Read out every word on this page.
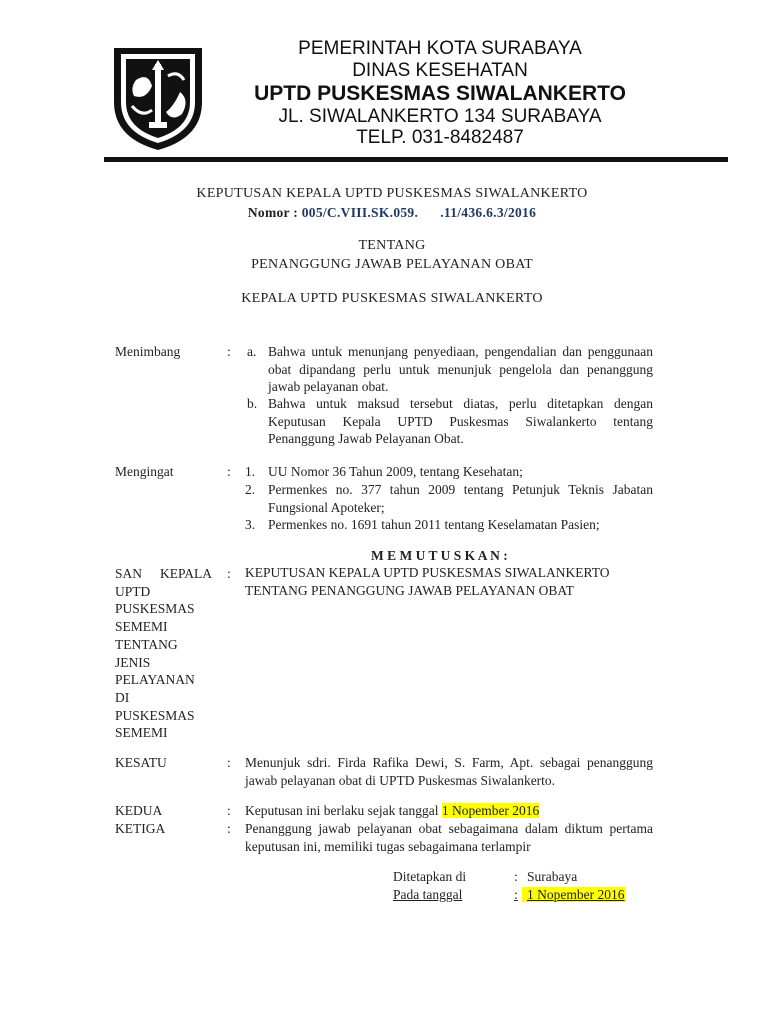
PEMERINTAH KOTA SURABAYA
DINAS KESEHATAN
UPTD PUSKESMAS SIWALANKERTO
JL. SIWALANKERTO 134 SURABAYA
TELP. 031-8482487
KEPUTUSAN KEPALA UPTD PUSKESMAS SIWALANKERTO
Nomor : 005/C.VIII.SK.059. .11/436.6.3/2016
TENTANG
PENANGGUNG JAWAB PELAYANAN OBAT
KEPALA UPTD PUSKESMAS SIWALANKERTO
Menimbang	: a. Bahwa untuk menunjang penyediaan, pengendalian dan penggunaan obat dipandang perlu untuk menunjuk pengelola dan penanggung jawab pelayanan obat.
b. Bahwa untuk maksud tersebut diatas, perlu ditetapkan dengan Keputusan Kepala UPTD Puskesmas Siwalankerto tentang Penanggung Jawab Pelayanan Obat.
Mengingat	: 1. UU Nomor 36 Tahun 2009, tentang Kesehatan;
2. Permenkes no. 377 tahun 2009 tentang Petunjuk Teknis Jabatan Fungsional Apoteker;
3. Permenkes no. 1691 tahun 2011 tentang Keselamatan Pasien;
M E M U T U S K A N :
SAN KEPALA
UPTD
PUSKESMAS
SEMEMI
TENTANG
JENIS
PELAYANAN
DI
PUSKESMAS
SEMEMI
: KEPUTUSAN KEPALA UPTD PUSKESMAS SIWALANKERTO
TENTANG PENANGGUNG JAWAB PELAYANAN OBAT
KESATU	: Menunjuk sdri. Firda Rafika Dewi, S. Farm, Apt. sebagai penanggung jawab pelayanan obat di UPTD Puskesmas Siwalankerto.
KEDUA	: Keputusan ini berlaku sejak tanggal 1 Nopember 2016
KETIGA	: Penanggung jawab pelayanan obat sebagaimana dalam diktum pertama keputusan ini, memiliki tugas sebagaimana terlampir
Ditetapkan di	: Surabaya
Pada tanggal	: 1 Nopember 2016
